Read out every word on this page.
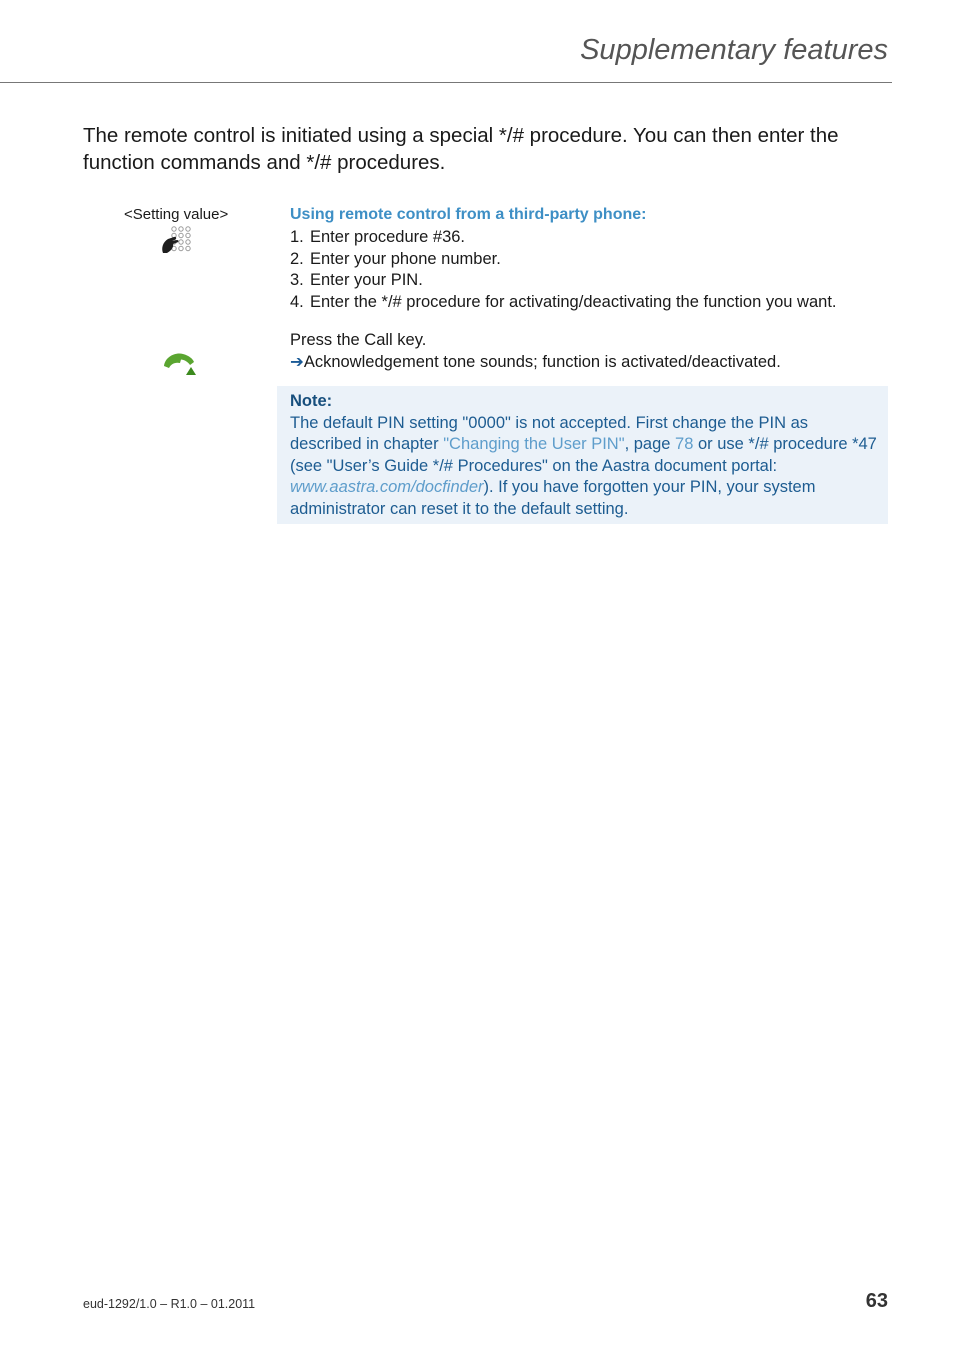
Supplementary features
The remote control is initiated using a special */# procedure. You can then enter the function commands and */# procedures.
<Setting value>	Using remote control from a third-party phone:
1. Enter procedure #36.
2. Enter your phone number.
3. Enter your PIN.
4. Enter the */# procedure for activating/deactivating the function you want.
Press the Call key.
➔Acknowledgement tone sounds; function is activated/deactivated.
Note:
The default PIN setting "0000" is not accepted. First change the PIN as described in chapter "Changing the User PIN", page 78 or use */# procedure *47 (see "User’s Guide */# Procedures" on the Aastra document portal: www.aastra.com/docfinder). If you have forgotten your PIN, your system administrator can reset it to the default setting.
eud-1292/1.0 – R1.0 – 01.2011	63
